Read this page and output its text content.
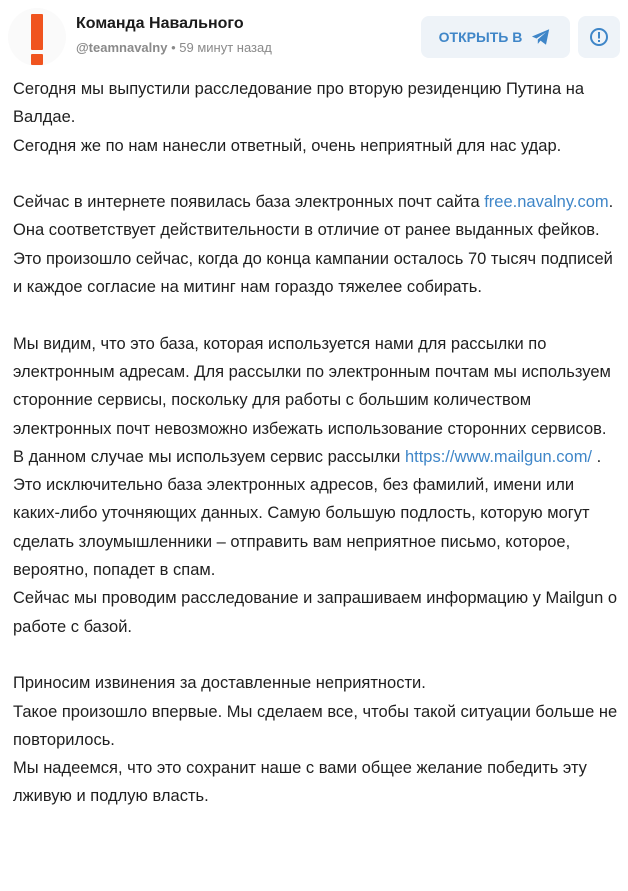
Команда Навального
@teamnavalny • 59 минут назад
ОТКРЫТЬ В

Сегодня мы выпустили расследование про вторую резиденцию Путина на Валдае.

Сегодня же по нам нанесли ответный, очень неприятный для нас удар.

Сейчас в интернете появилась база электронных почт сайта free.navalny.com. Она соответствует действительности в отличие от ранее выданных фейков. Это произошло сейчас, когда до конца кампании осталось 70 тысяч подписей и каждое согласие на митинг нам гораздо тяжелее собирать.

Мы видим, что это база, которая используется нами для рассылки по электронным адресам. Для рассылки по электронным почтам мы используем сторонние сервисы, поскольку для работы с большим количеством электронных почт невозможно избежать использование сторонних сервисов. В данном случае мы используем сервис рассылки https://www.mailgun.com/ .

Это исключительно база электронных адресов, без фамилий, имени или каких-либо уточняющих данных. Самую большую подлость, которую могут сделать злоумышленники – отправить вам неприятное письмо, которое, вероятно, попадет в спам.

Сейчас мы проводим расследование и запрашиваем информацию у Mailgun о работе с базой.

Приносим извинения за доставленные неприятности.

Такое произошло впервые. Мы сделаем все, чтобы такой ситуации больше не повторилось.

Мы надеемся, что это сохранит наше с вами общее желание победить эту лживую и подлую власть.
